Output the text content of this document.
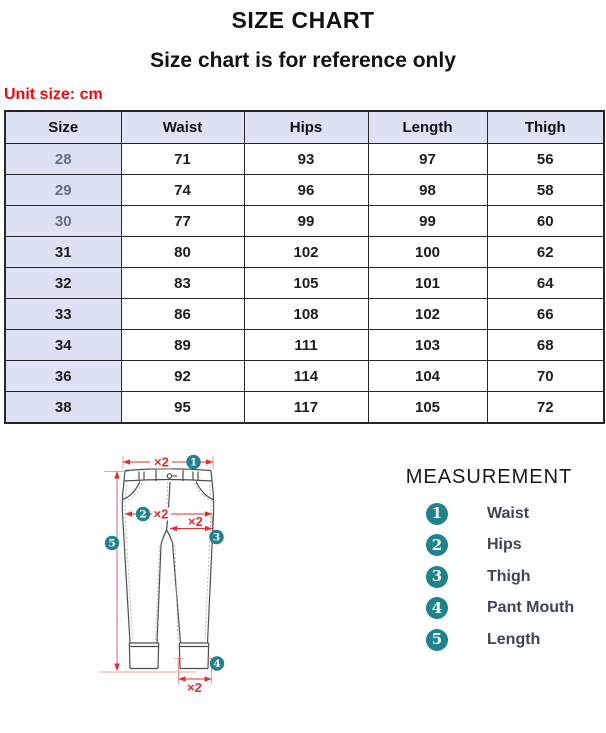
SIZE CHART
Size chart is for reference only
Unit size: cm
Size	Waist	Hips	Length	Thigh
28	71	93	97	56
29	74	96	98	58
30	77	99	99	60
31	80	102	100	62
32	83	105	101	64
33	86	108	102	66
34	89	111	103	68
36	92	114	104	70
38	95	117	105	72
×2 1
×2
2	×2
3
5
×2
4
MEASUREMENT
1	Waist
2	Hips
3	Thigh
4	Pant Mouth
5	Length
